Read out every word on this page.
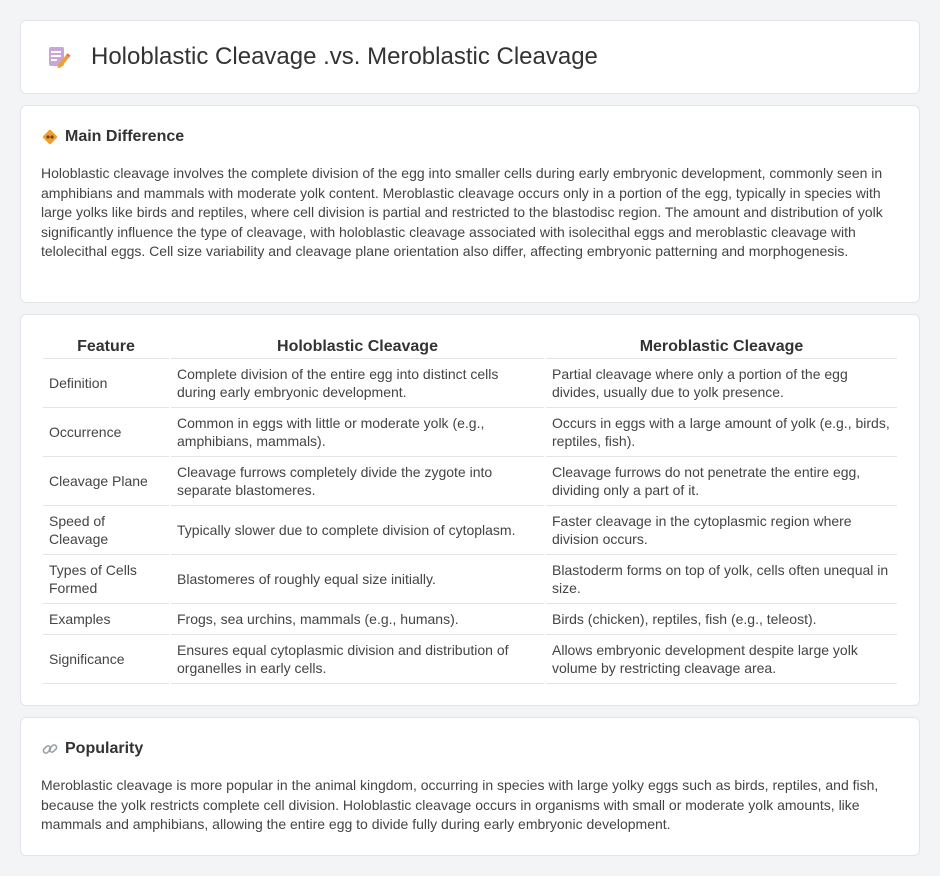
Holoblastic Cleavage .vs. Meroblastic Cleavage
Main Difference

Holoblastic cleavage involves the complete division of the egg into smaller cells during early embryonic development, commonly seen in amphibians and mammals with moderate yolk content. Meroblastic cleavage occurs only in a portion of the egg, typically in species with large yolks like birds and reptiles, where cell division is partial and restricted to the blastodisc region. The amount and distribution of yolk significantly influence the type of cleavage, with holoblastic cleavage associated with isolecithal eggs and meroblastic cleavage with telolecithal eggs. Cell size variability and cleavage plane orientation also differ, affecting embryonic patterning and morphogenesis.

Feature	Holoblastic Cleavage	Meroblastic Cleavage
Definition	Complete division of the entire egg into distinct cells during early embryonic development.	Partial cleavage where only a portion of the egg divides, usually due to yolk presence.
Occurrence	Common in eggs with little or moderate yolk (e.g., amphibians, mammals).	Occurs in eggs with a large amount of yolk (e.g., birds, reptiles, fish).
Cleavage Plane	Cleavage furrows completely divide the zygote into separate blastomeres.	Cleavage furrows do not penetrate the entire egg, dividing only a part of it.
Speed of Cleavage	Typically slower due to complete division of cytoplasm.	Faster cleavage in the cytoplasmic region where division occurs.
Types of Cells Formed	Blastomeres of roughly equal size initially.	Blastoderm forms on top of yolk, cells often unequal in size.
Examples	Frogs, sea urchins, mammals (e.g., humans).	Birds (chicken), reptiles, fish (e.g., teleost).
Significance	Ensures equal cytoplasmic division and distribution of organelles in early cells.	Allows embryonic development despite large yolk volume by restricting cleavage area.
Popularity

Meroblastic cleavage is more popular in the animal kingdom, occurring in species with large yolky eggs such as birds, reptiles, and fish, because the yolk restricts complete cell division. Holoblastic cleavage occurs in organisms with small or moderate yolk amounts, like mammals and amphibians, allowing the entire egg to divide fully during early embryonic development.
